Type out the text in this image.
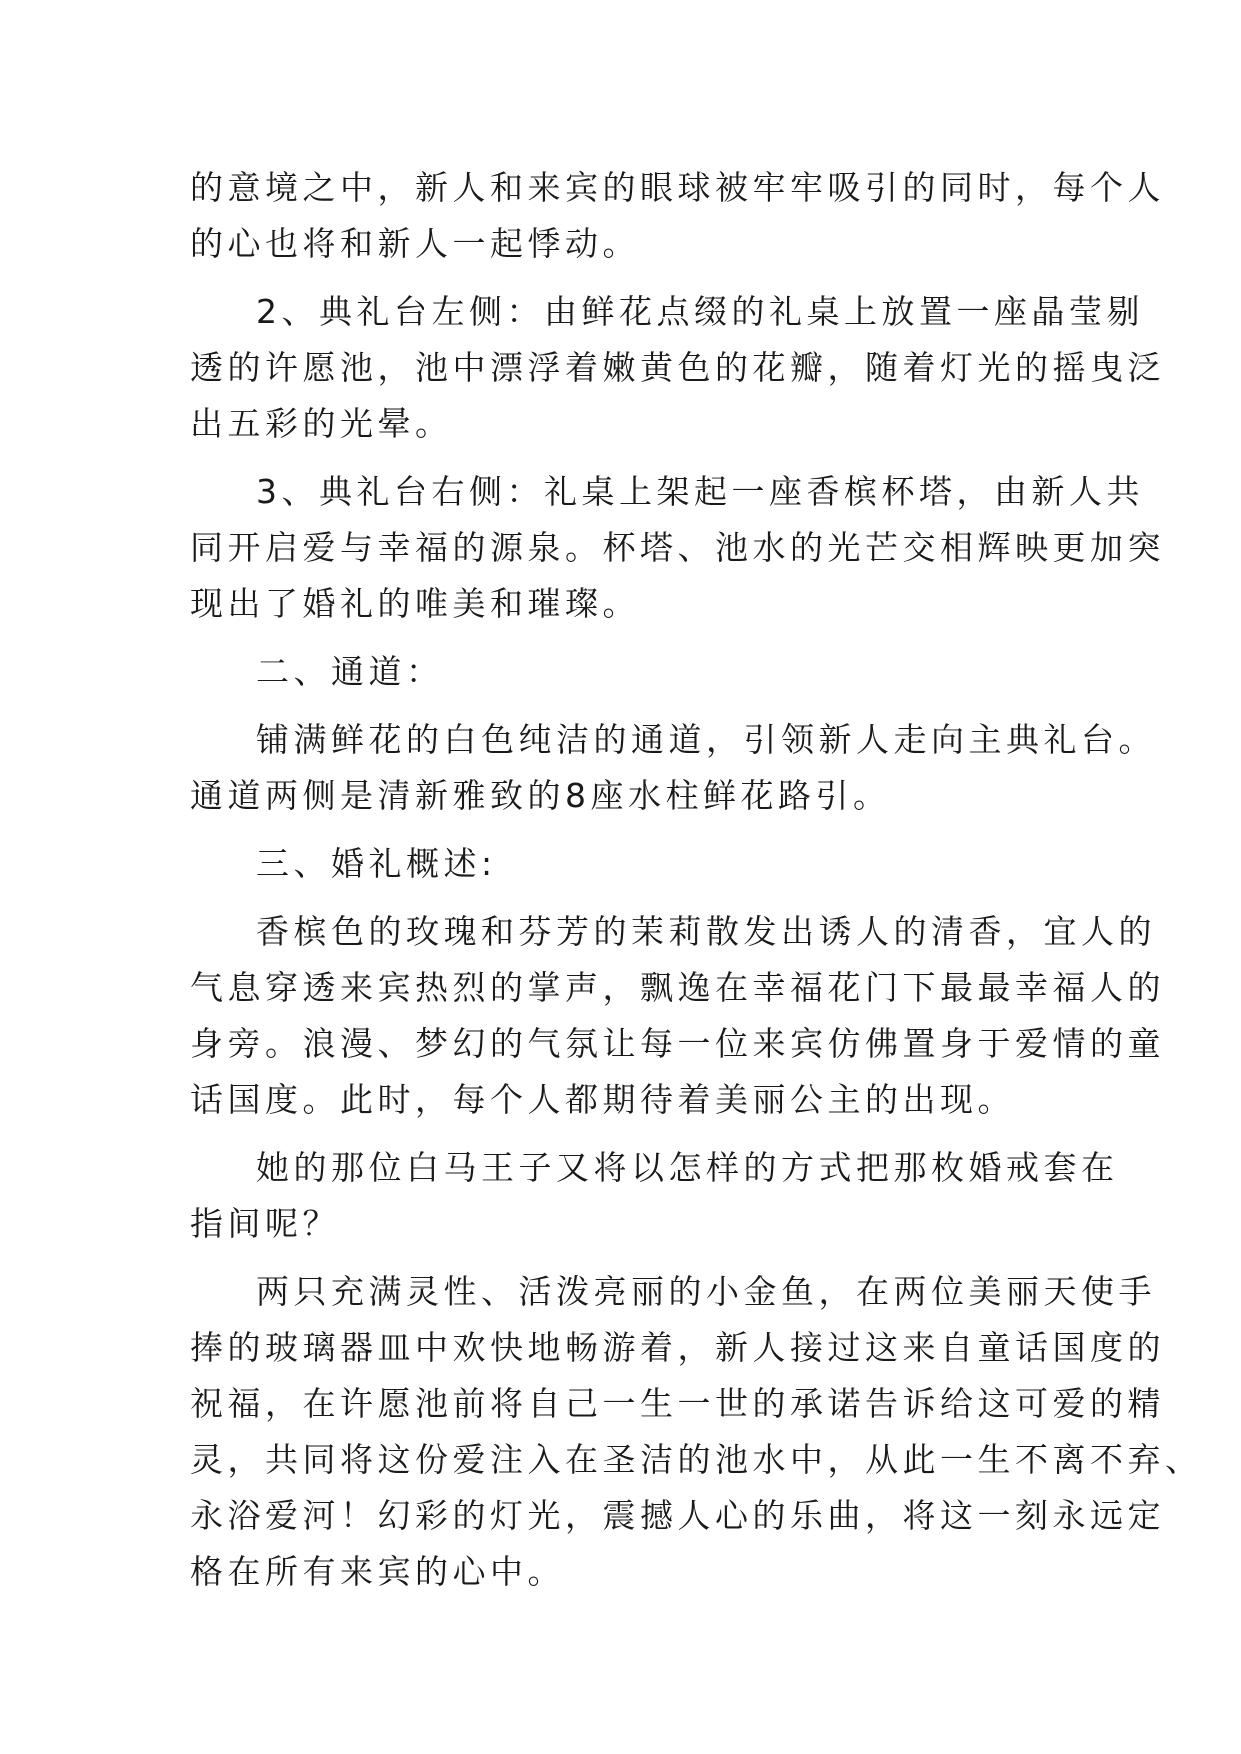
的意境之中，新人和来宾的眼球被牢牢吸引的同时，每个人
的心也将和新人一起悸动。
2、典礼台左侧：由鲜花点缀的礼桌上放置一座晶莹剔
透的许愿池，池中漂浮着嫩黄色的花瓣，随着灯光的摇曳泛
出五彩的光晕。
3、典礼台右侧：礼桌上架起一座香槟杯塔，由新人共
同开启爱与幸福的源泉。杯塔、池水的光芒交相辉映更加突
现出了婚礼的唯美和璀璨。
二、通道：
铺满鲜花的白色纯洁的通道，引领新人走向主典礼台。
通道两侧是清新雅致的8座水柱鲜花路引。
三、婚礼概述:
香槟色的玫瑰和芬芳的茉莉散发出诱人的清香，宜人的
气息穿透来宾热烈的掌声，飘逸在幸福花门下最最幸福人的
身旁。浪漫、梦幻的气氛让每一位来宾仿佛置身于爱情的童
话国度。此时，每个人都期待着美丽公主的出现。
她的那位白马王子又将以怎样的方式把那枚婚戒套在
指间呢？
两只充满灵性、活泼亮丽的小金鱼，在两位美丽天使手
捧的玻璃器皿中欢快地畅游着，新人接过这来自童话国度的
祝福，在许愿池前将自己一生一世的承诺告诉给这可爱的精
灵，共同将这份爱注入在圣洁的池水中，从此一生不离不弃、
永浴爱河！幻彩的灯光，震撼人心的乐曲，将这一刻永远定
格在所有来宾的心中。
